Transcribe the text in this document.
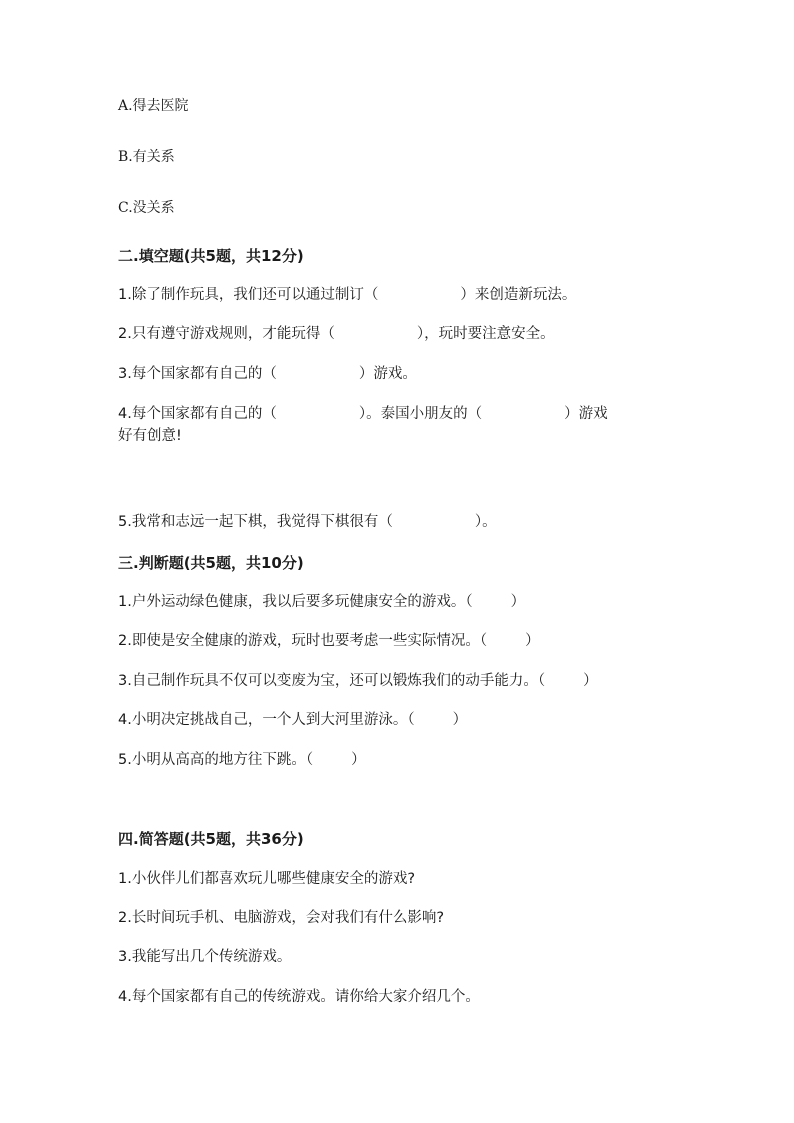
A.得去医院
B.有关系
C.没关系
二.填空题(共5题，共12分)
1.除了制作玩具，我们还可以通过制订（	）来创造新玩法。
2.只有遵守游戏规则，才能玩得（	），玩时要注意安全。
3.每个国家都有自己的（	）游戏。
4.每个国家都有自己的（	）。泰国小朋友的（	）游戏
好有创意!
5.我常和志远一起下棋，我觉得下棋很有（	）。
三.判断题(共5题，共10分)
1.户外运动绿色健康，我以后要多玩健康安全的游戏。（	）
2.即使是安全健康的游戏，玩时也要考虑一些实际情况。（	）
3.自己制作玩具不仅可以变废为宝，还可以锻炼我们的动手能力。（	）
4.小明决定挑战自己，一个人到大河里游泳。（	）
5.小明从高高的地方往下跳。（	）
四.简答题(共5题，共36分)
1.小伙伴儿们都喜欢玩儿哪些健康安全的游戏?
2.长时间玩手机、电脑游戏，会对我们有什么影响?
3.我能写出几个传统游戏。
4.每个国家都有自己的传统游戏。请你给大家介绍几个。
